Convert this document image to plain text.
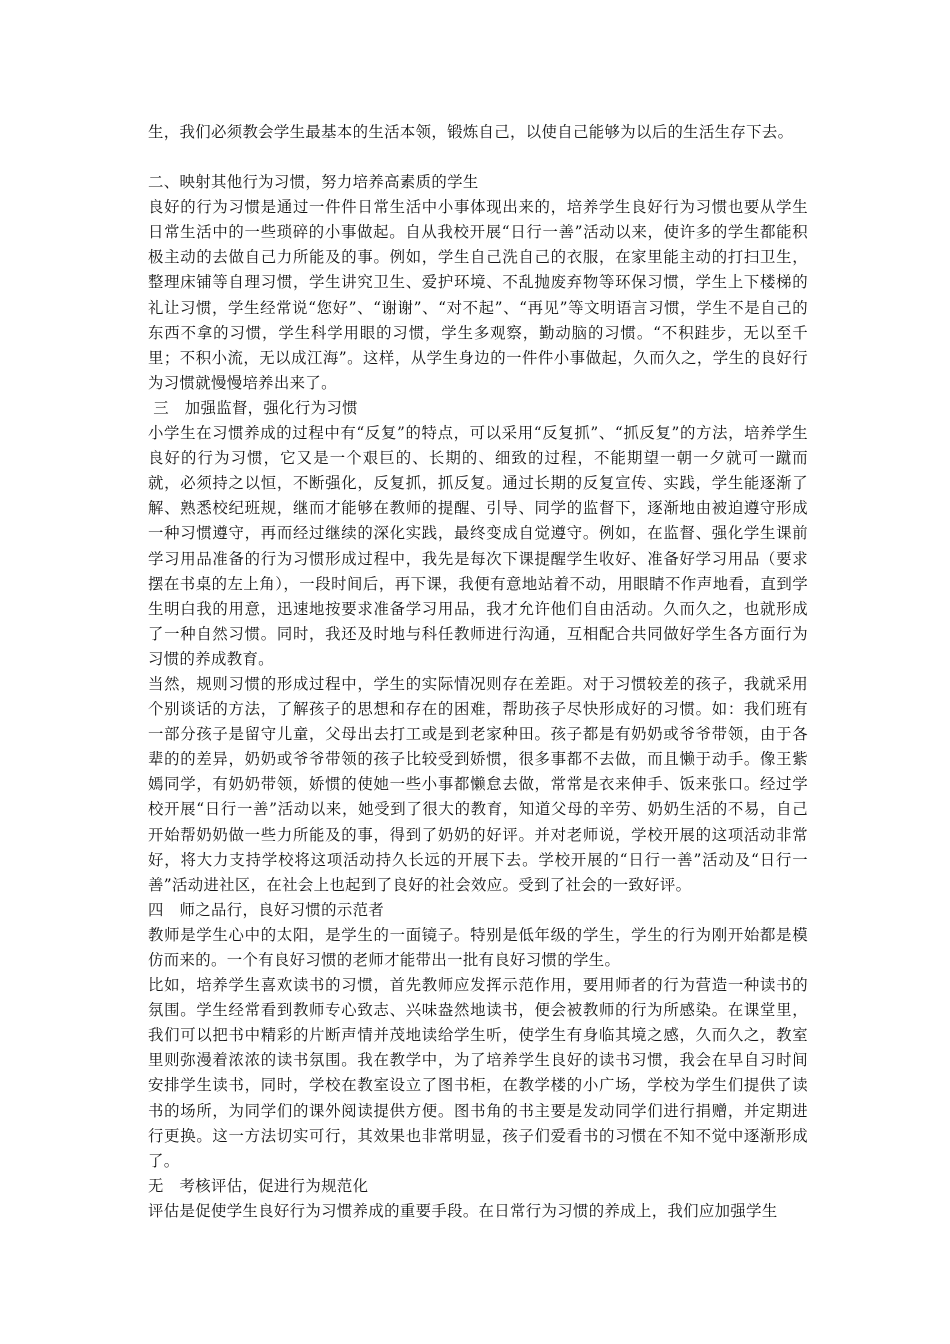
生，我们必须教会学生最基本的生活本领，锻炼自己，以使自己能够为以后的生活生存下去。

二、映射其他行为习惯，努力培养高素质的学生

良好的行为习惯是通过一件件日常生活中小事体现出来的，培养学生良好行为习惯也要从学生日常生活中的一些琐碎的小事做起。自从我校开展“日行一善”活动以来，使许多的学生都能积极主动的去做自己力所能及的事。例如，学生自己洗自己的衣服，在家里能主动的打扫卫生，整理床铺等自理习惯，学生讲究卫生、爱护环境、不乱抛废弃物等环保习惯，学生上下楼梯的礼让习惯，学生经常说“您好”、“谢谢”、“对不起”、“再见”等文明语言习惯，学生不是自己的东西不拿的习惯，学生科学用眼的习惯，学生多观察，勤动脑的习惯。“不积跬步，无以至千里；不积小流，无以成江海”。这样，从学生身边的一件件小事做起，久而久之，学生的良好行为习惯就慢慢培养出来了。

三　加强监督，强化行为习惯

小学生在习惯养成的过程中有“反复”的特点，可以采用“反复抓”、“抓反复”的方法，培养学生良好的行为习惯，它又是一个艰巨的、长期的、细致的过程，不能期望一朝一夕就可一蹴而就，必须持之以恒，不断强化，反复抓，抓反复。通过长期的反复宣传、实践，学生能逐渐了解、熟悉校纪班规，继而才能够在教师的提醒、引导、同学的监督下，逐渐地由被迫遵守形成一种习惯遵守，再而经过继续的深化实践，最终变成自觉遵守。例如，在监督、强化学生课前学习用品准备的行为习惯形成过程中，我先是每次下课提醒学生收好、准备好学习用品（要求摆在书桌的左上角），一段时间后，再下课，我便有意地站着不动，用眼睛不作声地看，直到学生明白我的用意，迅速地按要求准备学习用品，我才允许他们自由活动。久而久之，也就形成了一种自然习惯。同时，我还及时地与科任教师进行沟通，互相配合共同做好学生各方面行为习惯的养成教育。

当然，规则习惯的形成过程中，学生的实际情况则存在差距。对于习惯较差的孩子，我就采用个别谈话的方法，了解孩子的思想和存在的困难，帮助孩子尽快形成好的习惯。如：我们班有一部分孩子是留守儿童，父母出去打工或是到老家种田。孩子都是有奶奶或爷爷带领，由于各辈的的差异，奶奶或爷爷带领的孩子比较受到娇惯，很多事都不去做，而且懒于动手。像王紫嫣同学，有奶奶带领，娇惯的使她一些小事都懒怠去做，常常是衣来伸手、饭来张口。经过学校开展“日行一善”活动以来，她受到了很大的教育，知道父母的辛劳、奶奶生活的不易，自己开始帮奶奶做一些力所能及的事，得到了奶奶的好评。并对老师说，学校开展的这项活动非常好，将大力支持学校将这项活动持久长远的开展下去。学校开展的“日行一善”活动及“日行一善”活动进社区，在社会上也起到了良好的社会效应。受到了社会的一致好评。

四　师之品行，良好习惯的示范者

教师是学生心中的太阳，是学生的一面镜子。特别是低年级的学生，学生的行为刚开始都是模仿而来的。一个有良好习惯的老师才能带出一批有良好习惯的学生。

比如，培养学生喜欢读书的习惯，首先教师应发挥示范作用，要用师者的行为营造一种读书的氛围。学生经常看到教师专心致志、兴味盎然地读书，便会被教师的行为所感染。在课堂里，我们可以把书中精彩的片断声情并茂地读给学生听，使学生有身临其境之感，久而久之，教室里则弥漫着浓浓的读书氛围。我在教学中，为了培养学生良好的读书习惯，我会在早自习时间安排学生读书，同时，学校在教室设立了图书柜，在教学楼的小广场，学校为学生们提供了读书的场所，为同学们的课外阅读提供方便。图书角的书主要是发动同学们进行捐赠，并定期进行更换。这一方法切实可行，其效果也非常明显，孩子们爱看书的习惯在不知不觉中逐渐形成了。

无　考核评估，促进行为规范化

评估是促使学生良好行为习惯养成的重要手段。在日常行为习惯的养成上，我们应加强学生
